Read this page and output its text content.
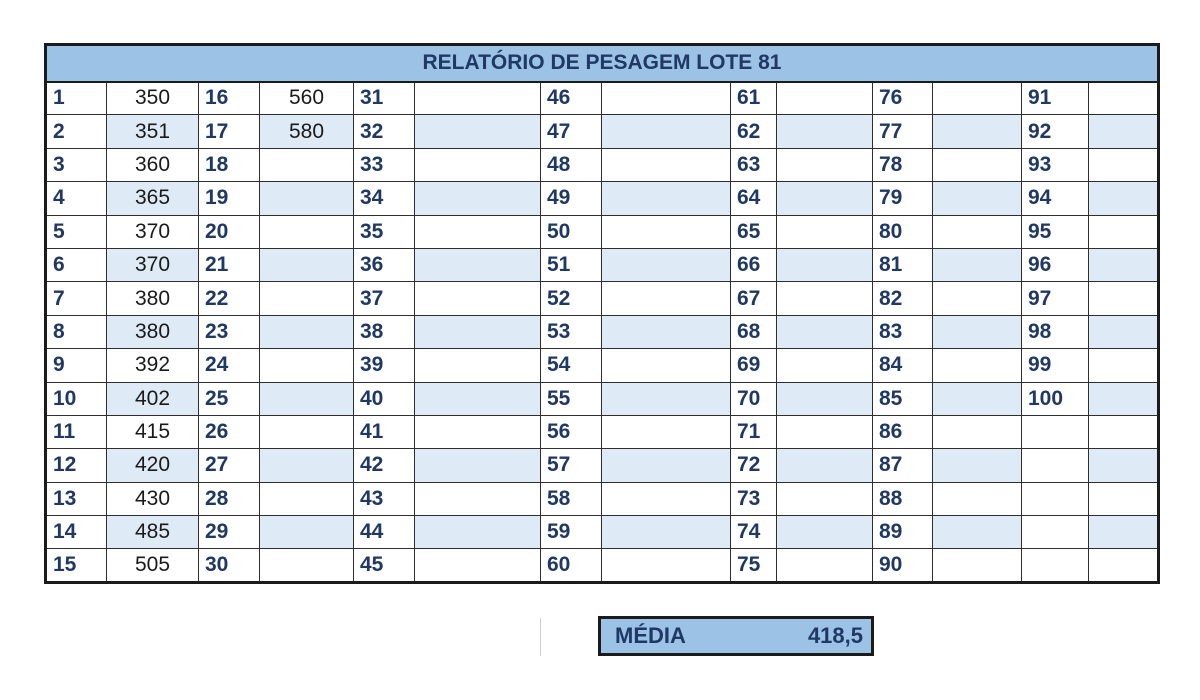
RELATÓRIO DE PESAGEM LOTE 81													
1	350	16	560	31		46		61		76		91	
2	351	17	580	32		47		62		77		92	
3	360	18		33		48		63		78		93	
4	365	19		34		49		64		79		94	
5	370	20		35		50		65		80		95	
6	370	21		36		51		66		81		96	
7	380	22		37		52		67		82		97	
8	380	23		38		53		68		83		98	
9	392	24		39		54		69		84		99	
10	402	25		40		55		70		85		100	
11	415	26		41		56		71		86			
12	420	27		42		57		72		87			
13	430	28		43		58		73		88			
14	485	29		44		59		74		89			
15	505	30		45		60		75		90			
MÉDIA	418,5
